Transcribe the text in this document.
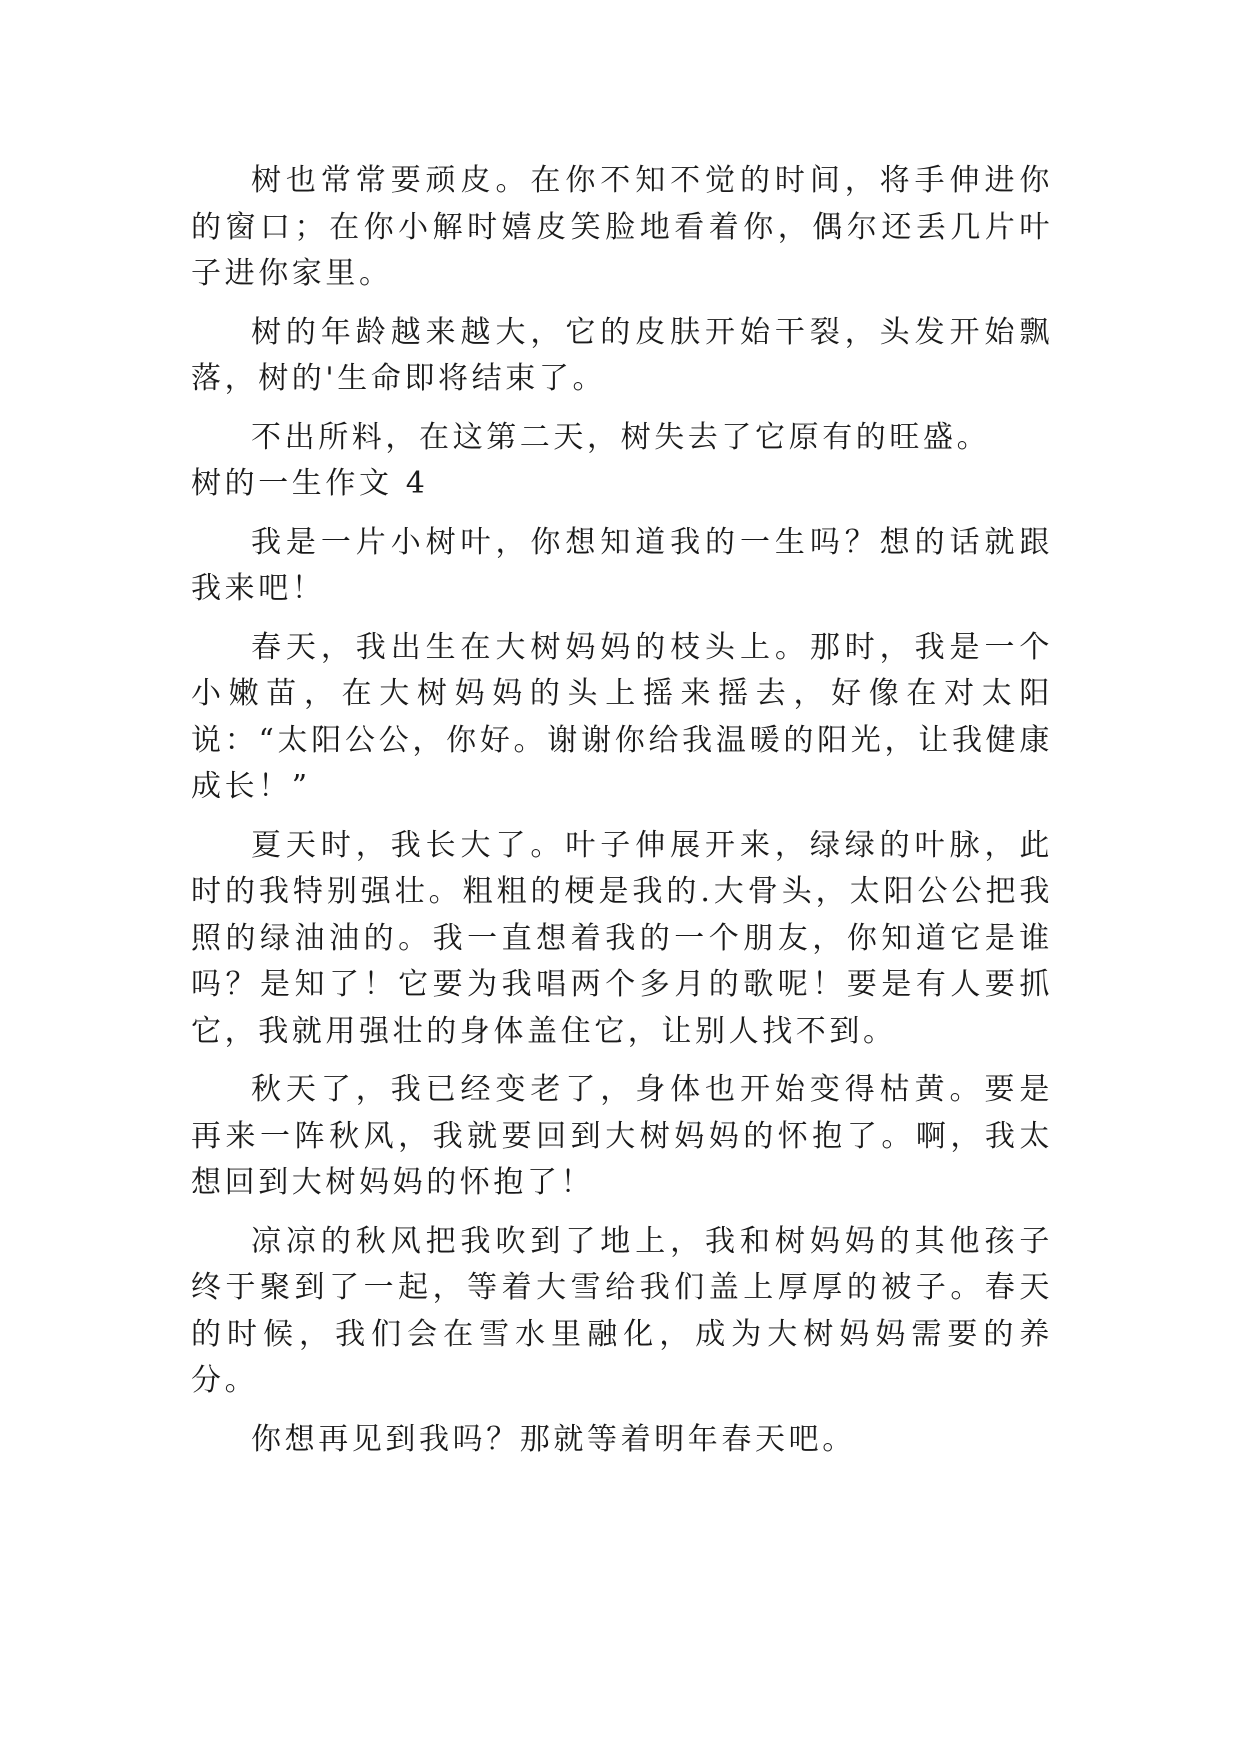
树也常常要顽皮。在你不知不觉的时间，将手伸进你的窗口；在你小解时嬉皮笑脸地看着你，偶尔还丢几片叶子进你家里。

树的年龄越来越大，它的皮肤开始干裂，头发开始飘落，树的'生命即将结束了。

不出所料，在这第二天，树失去了它原有的旺盛。

树的一生作文 4

我是一片小树叶，你想知道我的一生吗？想的话就跟我来吧！

春天，我出生在大树妈妈的枝头上。那时，我是一个小嫩苗，在大树妈妈的头上摇来摇去，好像在对太阳说：“太阳公公，你好。谢谢你给我温暖的阳光，让我健康成长！”

夏天时，我长大了。叶子伸展开来，绿绿的叶脉，此时的我特别强壮。粗粗的梗是我的.大骨头，太阳公公把我照的绿油油的。我一直想着我的一个朋友，你知道它是谁吗？是知了！它要为我唱两个多月的歌呢！要是有人要抓它，我就用强壮的身体盖住它，让别人找不到。

秋天了，我已经变老了，身体也开始变得枯黄。要是再来一阵秋风，我就要回到大树妈妈的怀抱了。啊，我太想回到大树妈妈的怀抱了！

凉凉的秋风把我吹到了地上，我和树妈妈的其他孩子终于聚到了一起，等着大雪给我们盖上厚厚的被子。春天的时候，我们会在雪水里融化，成为大树妈妈需要的养分。

你想再见到我吗？那就等着明年春天吧。
